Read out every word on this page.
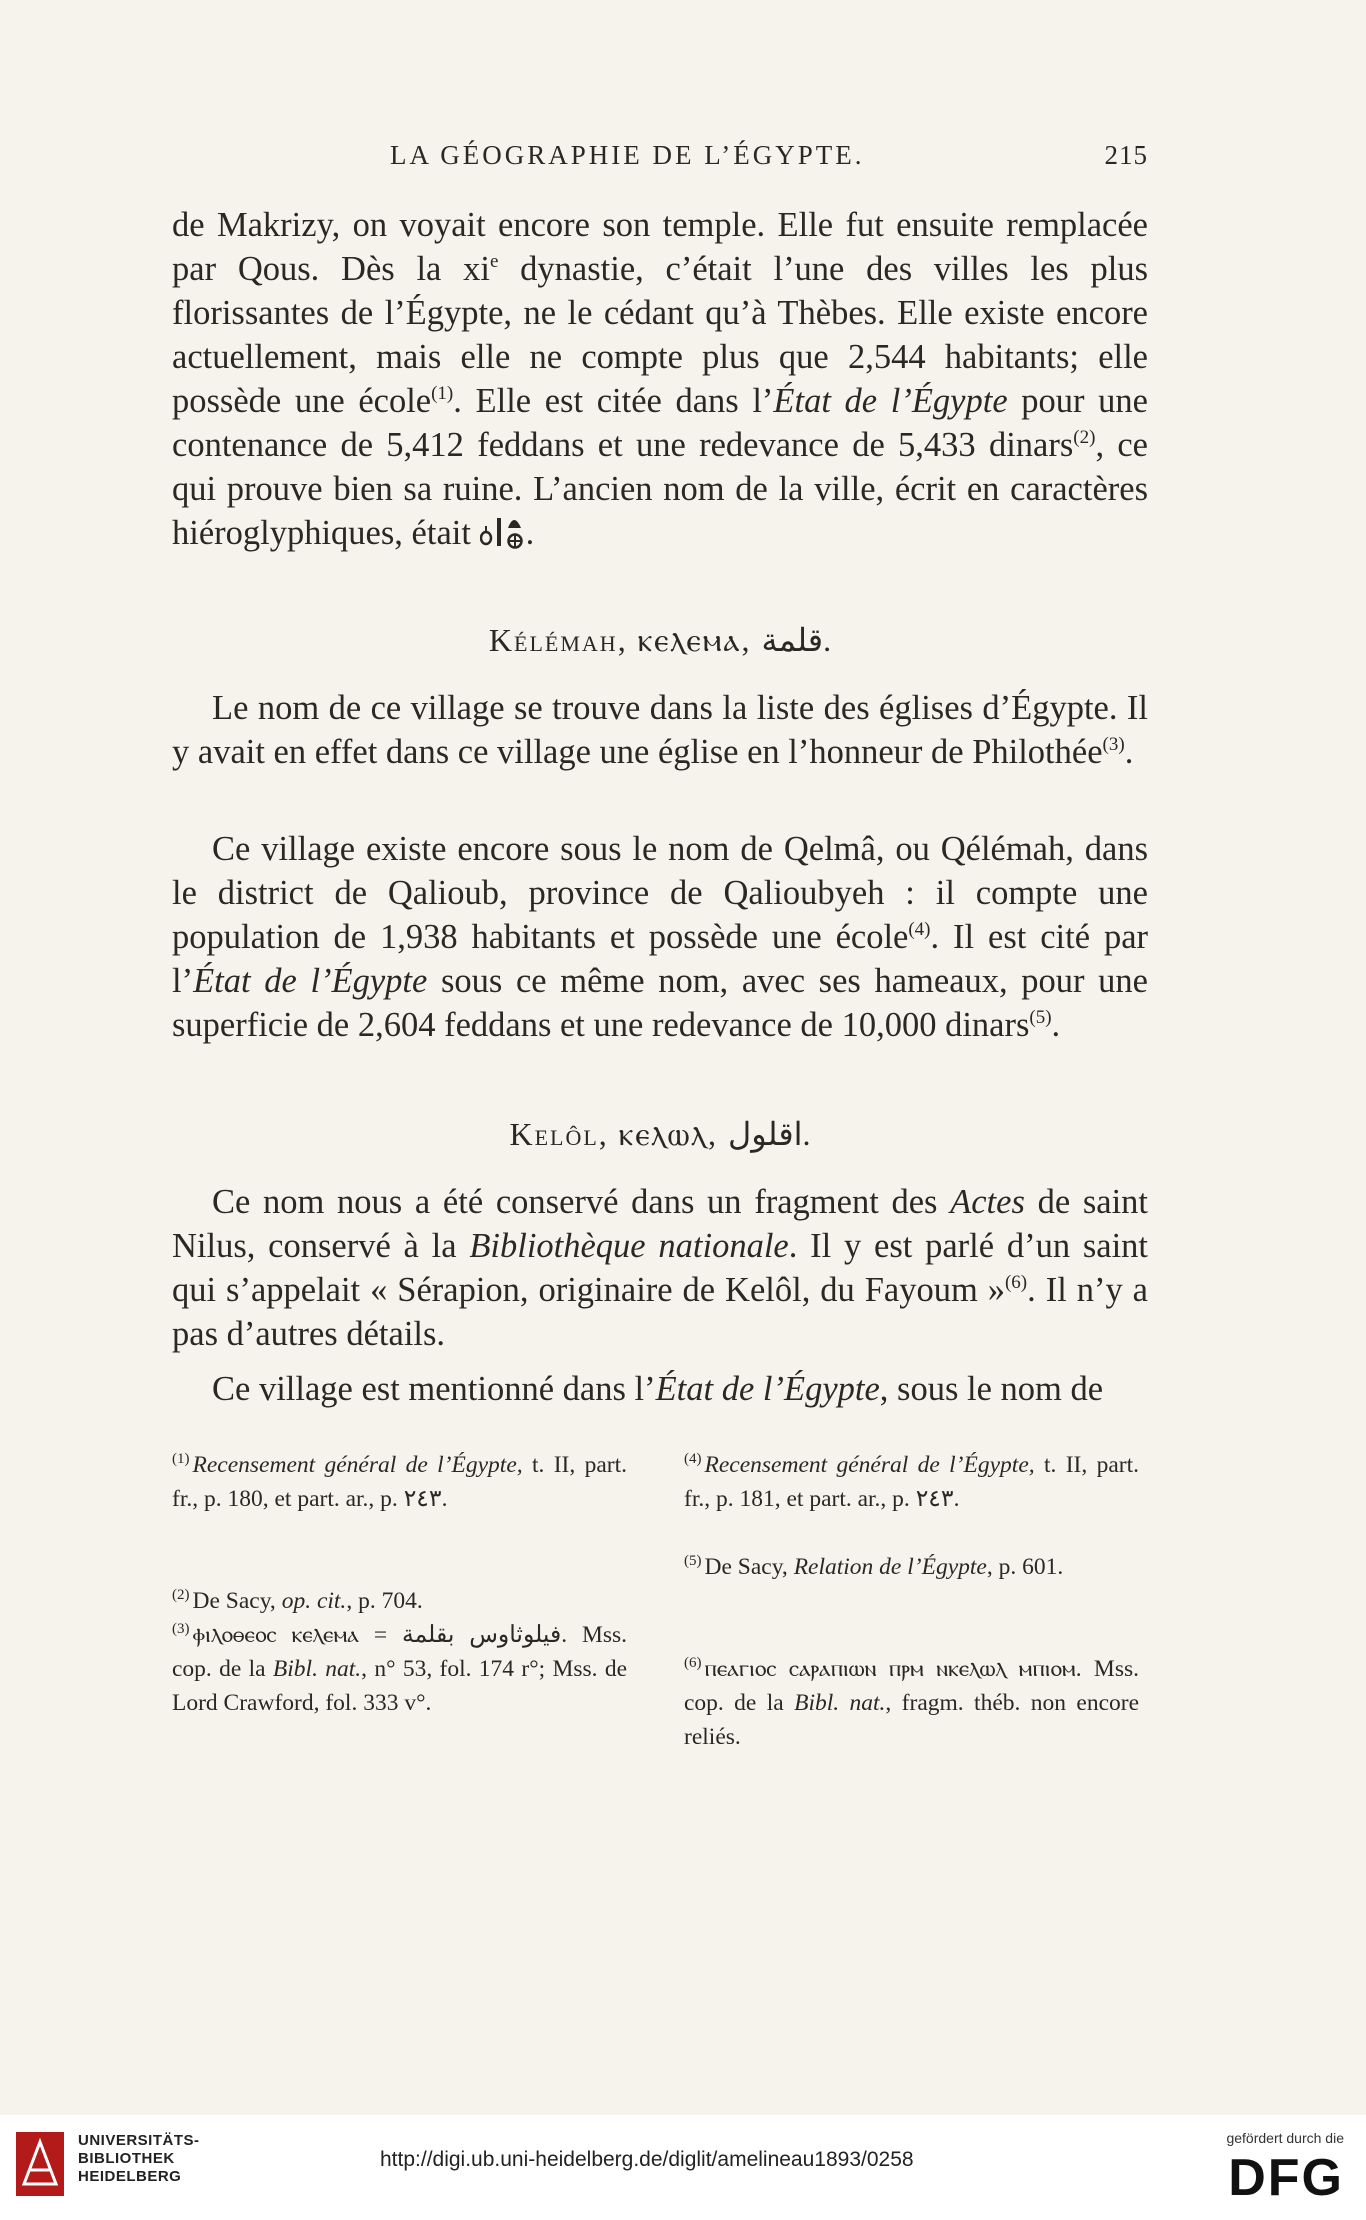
LA GÉOGRAPHIE DE L’ÉGYPTE.	215

de Makrizy, on voyait encore son temple. Elle fut ensuite remplacée par Qous. Dès la $xi^e$ dynastie, c’était l’une des villes les plus florissantes de l’Égypte, ne le cédant qu’à Thèbes. Elle existe encore actuellement, mais elle ne compte plus que 2,544 habitants; elle possède une école$^{(1)}$. Elle est citée dans l’État de l’Égypte pour une contenance de 5,412 feddans et une redevance de 5,433 dinars$^{(2)}$, ce qui prouve bien sa ruine. L’ancien nom de la ville, écrit en caractères hiéroglyphiques, était .

Kélémah, ⲕⲉⲗⲉⲙⲁ, قلمة.

Le nom de ce village se trouve dans la liste des églises d’Égypte. Il y avait en effet dans ce village une église en l’honneur de Philothée$^{(3)}$.

Ce village existe encore sous le nom de Qelmâ, ou Qélémah, dans le district de Qalioub, province de Qalioubyeh : il compte une population de 1,938 habitants et possède une école$^{(4)}$. Il est cité par l’État de l’Égypte sous ce même nom, avec ses hameaux, pour une superficie de 2,604 feddans et une redevance de 10,000 dinars$^{(5)}$.

Kelôl, ⲕⲉⲗⲱⲗ, اقلول.

Ce nom nous a été conservé dans un fragment des Actes de saint Nilus, conservé à la Bibliothèque nationale. Il y est parlé d’un saint qui s’appelait « Sérapion, originaire de Kelôl, du Fayoum »$^{(6)}$. Il n’y a pas d’autres détails.

Ce village est mentionné dans l’État de l’Égypte, sous le nom de

$^{(1)}$ Recensement général de l’Égypte, t. II, part. fr., p. 180, et part. ar., p. ٢٤٣.

$^{(2)}$ De Sacy, op. cit., p. 704.

$^{(3)}$ ⲫⲓⲗⲟⲑⲉⲟⲥ ⲕⲉⲗⲉⲙⲁ = فيلوثاوس بقلمة. Mss. cop. de la Bibl. nat., n° 53, fol. 174 r°; Mss. de Lord Crawford, fol. 333 v°.

$^{(4)}$ Recensement général de l’Égypte, t. II, part. fr., p. 181, et part. ar., p. ٢٤٣.

$^{(5)}$ De Sacy, Relation de l’Égypte, p. 601.

$^{(6)}$ ⲡⲉⲁⲅⲓⲟⲥ ⲥⲁⲣⲁⲡⲓⲱⲛ ⲡⲣⲙ ⲛⲕⲉⲗⲱⲗ ⲙⲡⲓⲟⲙ. Mss. cop. de la Bibl. nat., fragm. théb. non encore reliés.

UNIVERSITÄTS-
BIBLIOTHEK
HEIDELBERG
http://digi.ub.uni-heidelberg.de/diglit/amelineau1893/0258
gefördert durch die
DFG
